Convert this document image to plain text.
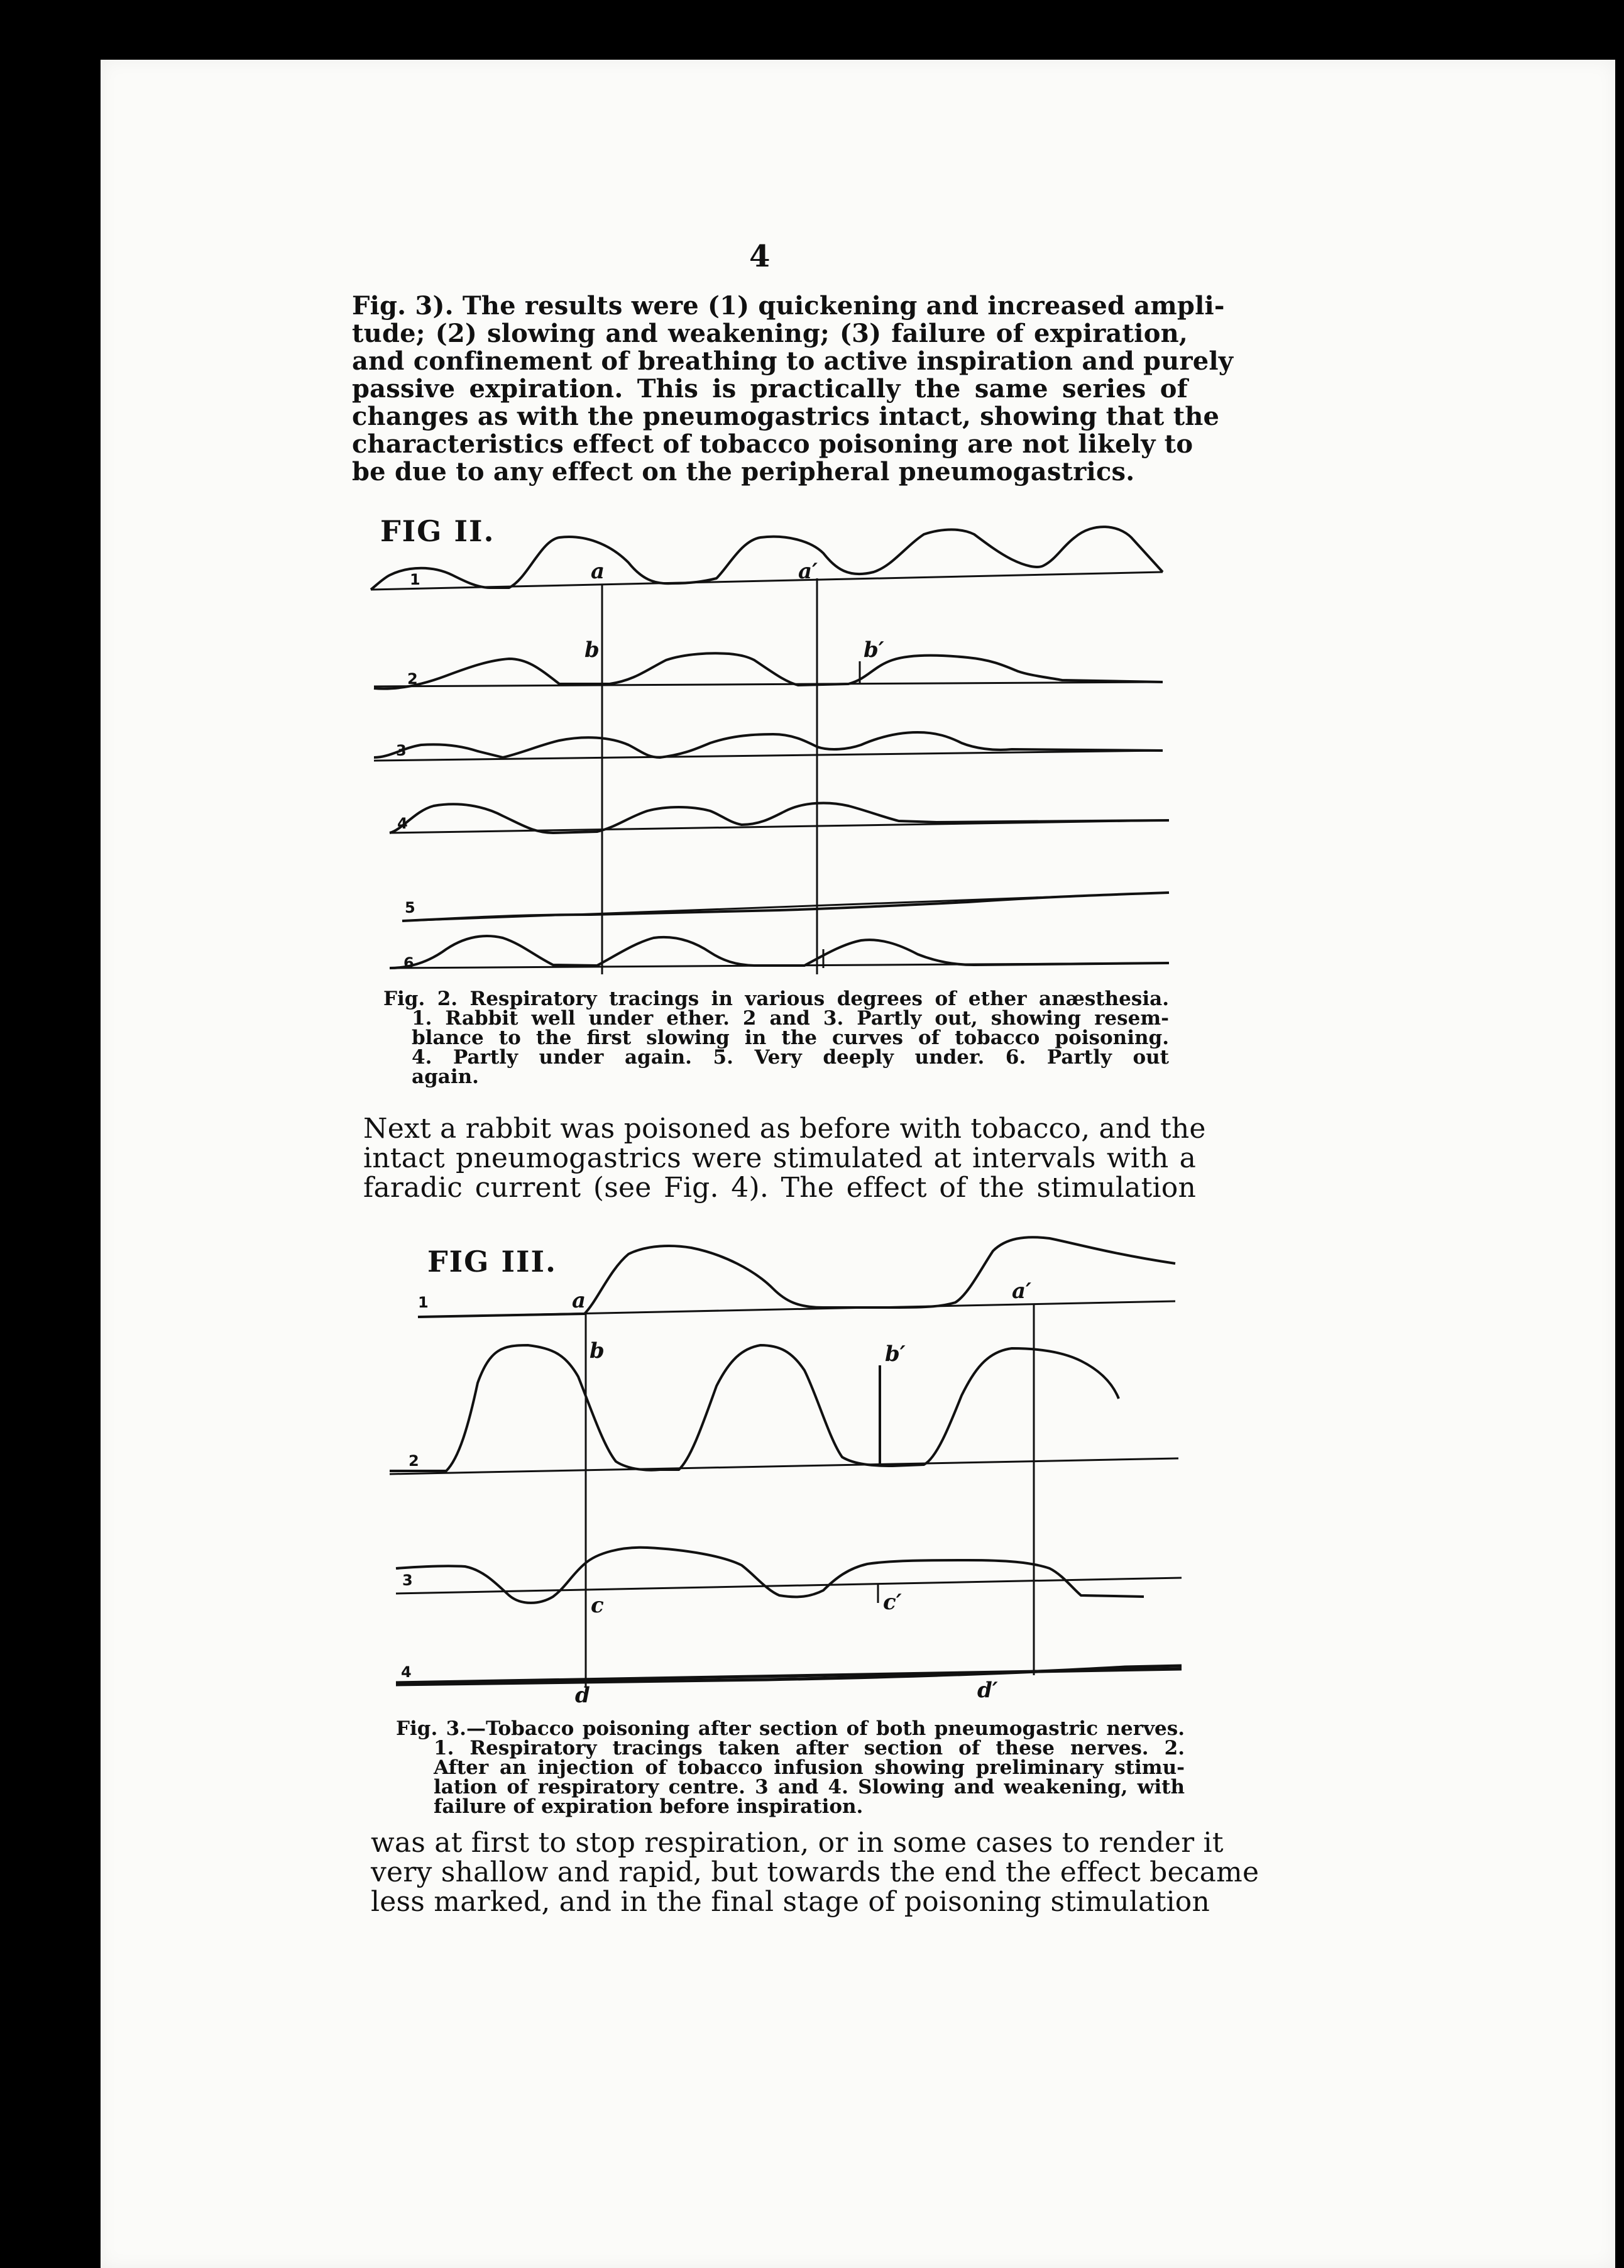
4
Fig. 3). The results were (1) quickening and increased ampli-
tude; (2) slowing and weakening; (3) failure of expiration,
and confinement of breathing to active inspiration and purely
passive expiration. This is practically the same series of
changes as with the pneumogastrics intact, showing that the
characteristics effect of tobacco poisoning are not likely to
be due to any effect on the peripheral pneumogastrics.
FIG II.
a	a′
b	b′
1
2
3
4
5
6
Fig. 2. Respiratory tracings in various degrees of ether anæsthesia.
1. Rabbit well under ether. 2 and 3. Partly out, showing resem-
blance to the first slowing in the curves of tobacco poisoning.
4. Partly under again. 5. Very deeply under. 6. Partly out
again.
Next a rabbit was poisoned as before with tobacco, and the
intact pneumogastrics were stimulated at intervals with a
faradic current (see Fig. 4). The effect of the stimulation
FIG III.
a	a′
b	b′
c	c′
d	d′
1
2
3
4
Fig. 3.—Tobacco poisoning after section of both pneumogastric nerves.
1. Respiratory tracings taken after section of these nerves. 2.
After an injection of tobacco infusion showing preliminary stimu-
lation of respiratory centre. 3 and 4. Slowing and weakening, with
failure of expiration before inspiration.
was at first to stop respiration, or in some cases to render it
very shallow and rapid, but towards the end the effect became
less marked, and in the final stage of poisoning stimulation
